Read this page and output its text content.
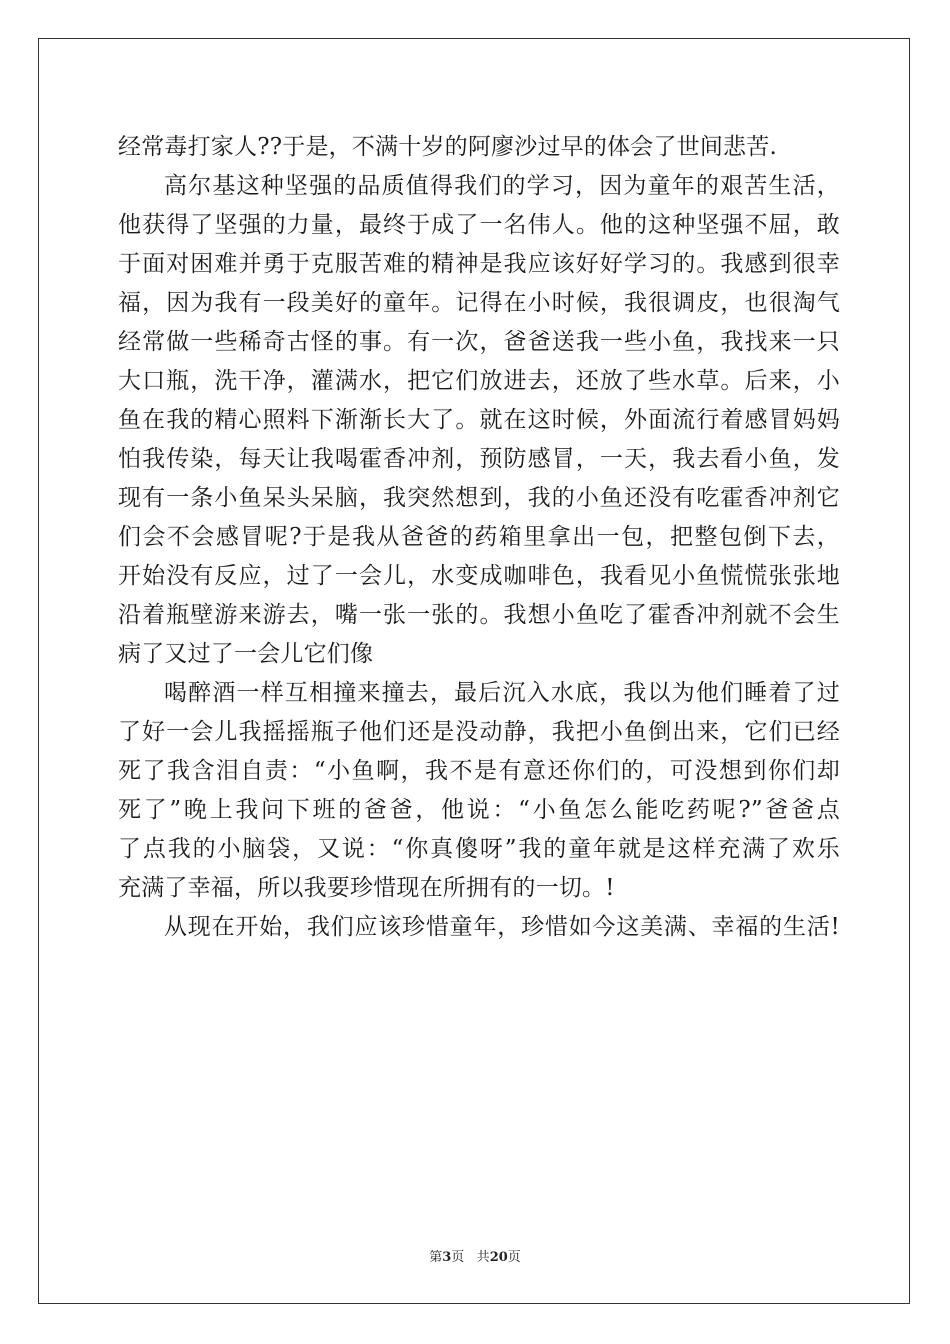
经常毒打家人??于是，不满十岁的阿廖沙过早的体会了世间悲苦.
高尔基这种坚强的品质值得我们的学习，因为童年的艰苦生活，
他获得了坚强的力量，最终于成了一名伟人。他的这种坚强不屈，敢
于面对困难并勇于克服苦难的精神是我应该好好学习的。我感到很幸
福，因为我有一段美好的童年。记得在小时候，我很调皮，也很淘气
经常做一些稀奇古怪的事。有一次，爸爸送我一些小鱼，我找来一只
大口瓶，洗干净，灌满水，把它们放进去，还放了些水草。后来，小
鱼在我的精心照料下渐渐长大了。就在这时候，外面流行着感冒妈妈
怕我传染，每天让我喝霍香冲剂，预防感冒，一天，我去看小鱼，发
现有一条小鱼呆头呆脑，我突然想到，我的小鱼还没有吃霍香冲剂它
们会不会感冒呢?于是我从爸爸的药箱里拿出一包，把整包倒下去，
开始没有反应，过了一会儿，水变成咖啡色，我看见小鱼慌慌张张地
沿着瓶壁游来游去，嘴一张一张的。我想小鱼吃了霍香冲剂就不会生
病了又过了一会儿它们像
喝醉酒一样互相撞来撞去，最后沉入水底，我以为他们睡着了过
了好一会儿我摇摇瓶子他们还是没动静，我把小鱼倒出来，它们已经
死了我含泪自责：“小鱼啊，我不是有意还你们的，可没想到你们却
死了”晚上我问下班的爸爸，他说：“小鱼怎么能吃药呢?”爸爸点
了点我的小脑袋，又说：“你真傻呀”我的童年就是这样充满了欢乐
充满了幸福，所以我要珍惜现在所拥有的一切。!
从现在开始，我们应该珍惜童年，珍惜如今这美满、幸福的生活!
第3页 共20页
